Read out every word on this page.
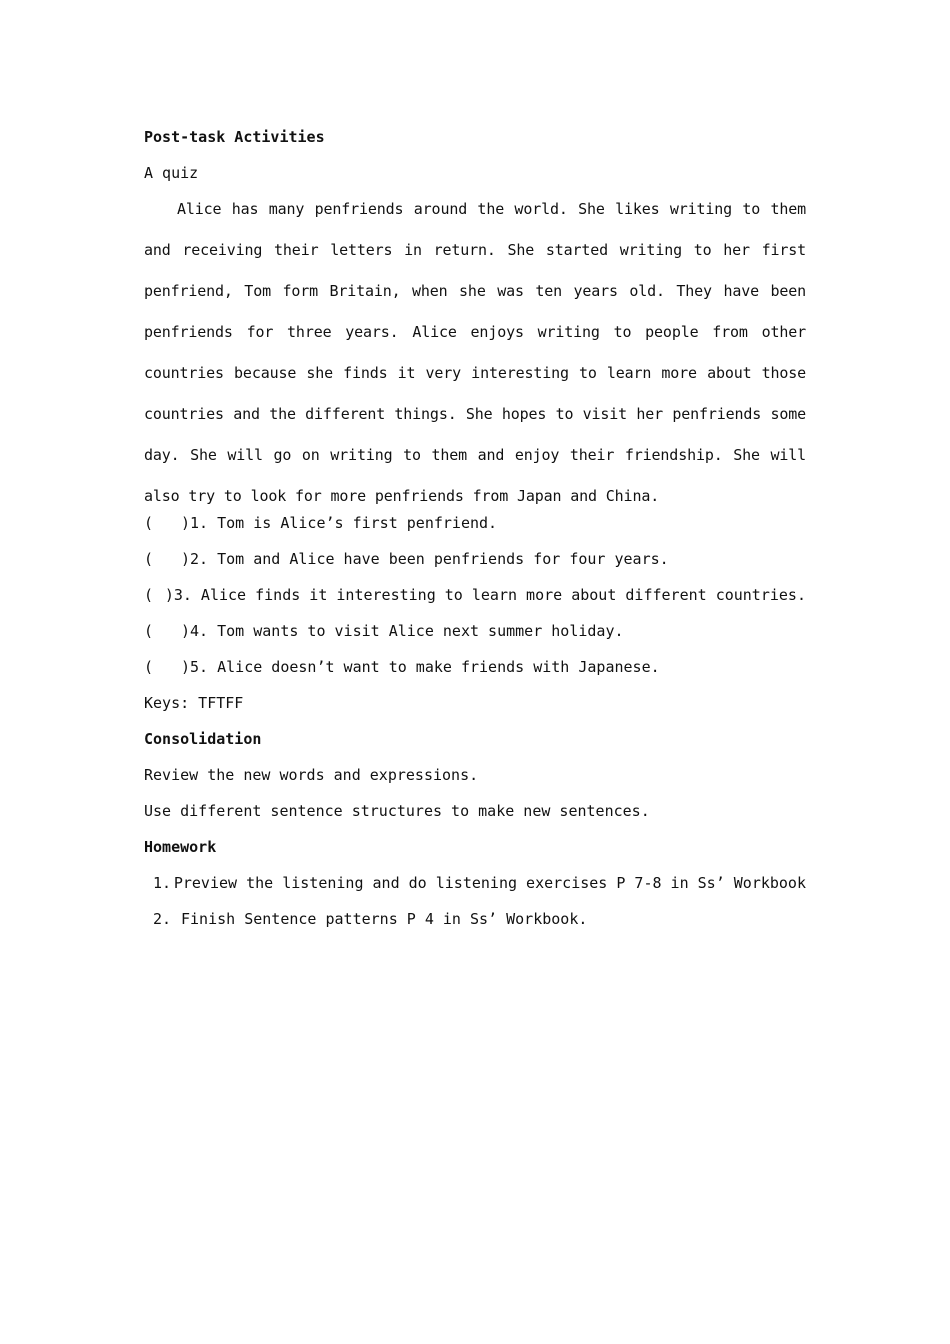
Post-task Activities
A quiz
Alice has many penfriends around the world. She likes writing to them and receiving their letters in return. She started writing to her first penfriend, Tom form Britain, when she was ten years old. They have been penfriends for three years. Alice enjoys writing to people from other countries because she finds it very interesting to learn more about those countries and the different things. She hopes to visit her penfriends some day. She will go on writing to them and enjoy their friendship. She will also try to look for more penfriends from Japan and China.
(	)1. Tom is Alice’s first penfriend.
(	)2. Tom and Alice have been penfriends for four years.
( )3. Alice finds it interesting to learn more about different countries.
(	)4. Tom wants to visit Alice next summer holiday.
(	)5. Alice doesn’t want to make friends with Japanese.
Keys: TFTFF
Consolidation
Review the new words and expressions.
Use different sentence structures to make new sentences.
Homework
1. Preview the listening and do listening exercises P 7-8 in Ss’ Workbook
2. Finish Sentence patterns P 4 in Ss’ Workbook.
